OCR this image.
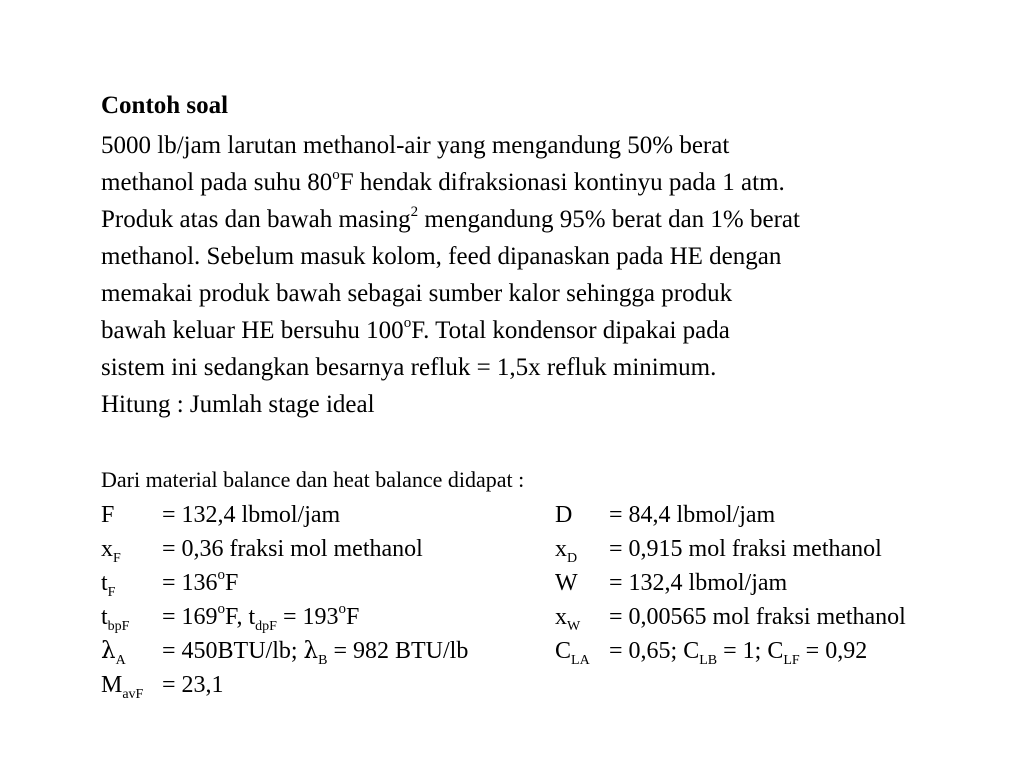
Contoh soal
5000 lb/jam larutan methanol-air yang mengandung 50% berat
methanol pada suhu 80$^o$F hendak difraksionasi kontinyu pada 1 atm.
Produk atas dan bawah masing$^2$ mengandung 95% berat dan 1% berat
methanol. Sebelum masuk kolom, feed dipanaskan pada HE dengan
memakai produk bawah sebagai sumber kalor sehingga produk
bawah keluar HE bersuhu 100$^o$F. Total kondensor dipakai pada
sistem ini sedangkan besarnya refluk = 1,5x refluk minimum.
Hitung : Jumlah stage ideal
Dari material balance dan heat balance didapat :
F = 132,4 lbmol/jam	D = 84,4 lbmol/jam
$x_F = 0,36$ fraksi mol methanol	$x_D = 0,915$ mol fraksi methanol
$t_F = 136^oF$	W = 132,4 lbmol/jam
$t_{bpF} = 169^oF$, $t_{dpF} = 193^oF$	$x_W = 0,00565$ mol fraksi methanol
$\lambda_A = 450BTU/lb$; $\lambda_B = 982$ BTU/lb	$C_{LA} = 0,65$; $C_{LB} = 1$; $C_{LF} = 0,92$
$M_{avF} = 23,1$
